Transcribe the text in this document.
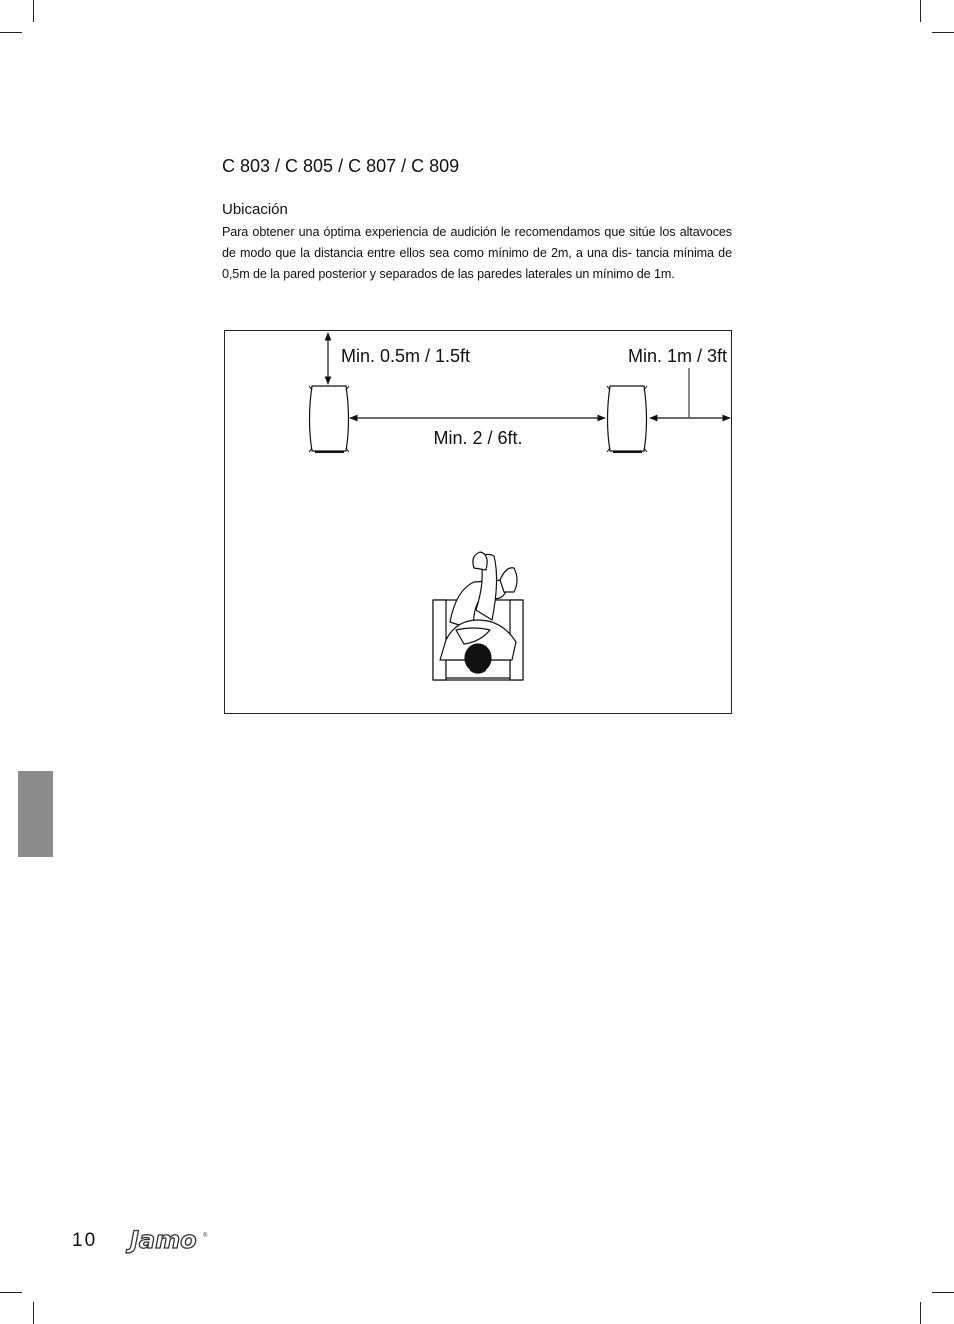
C 803 / C 805 / C 807 / C 809
Ubicación

Para obtener una óptima experiencia de audición le recomendamos que sitúe los altavoces de modo que la distancia entre ellos sea como mínimo de 2m, a una dis- tancia mínima de 0,5m de la pared posterior y separados de las paredes laterales un mínimo de 1m.

Min. 0.5m / 1.5ft	Min. 1m / 3ft
Min. 2 / 6ft.
10 Jamo ®
